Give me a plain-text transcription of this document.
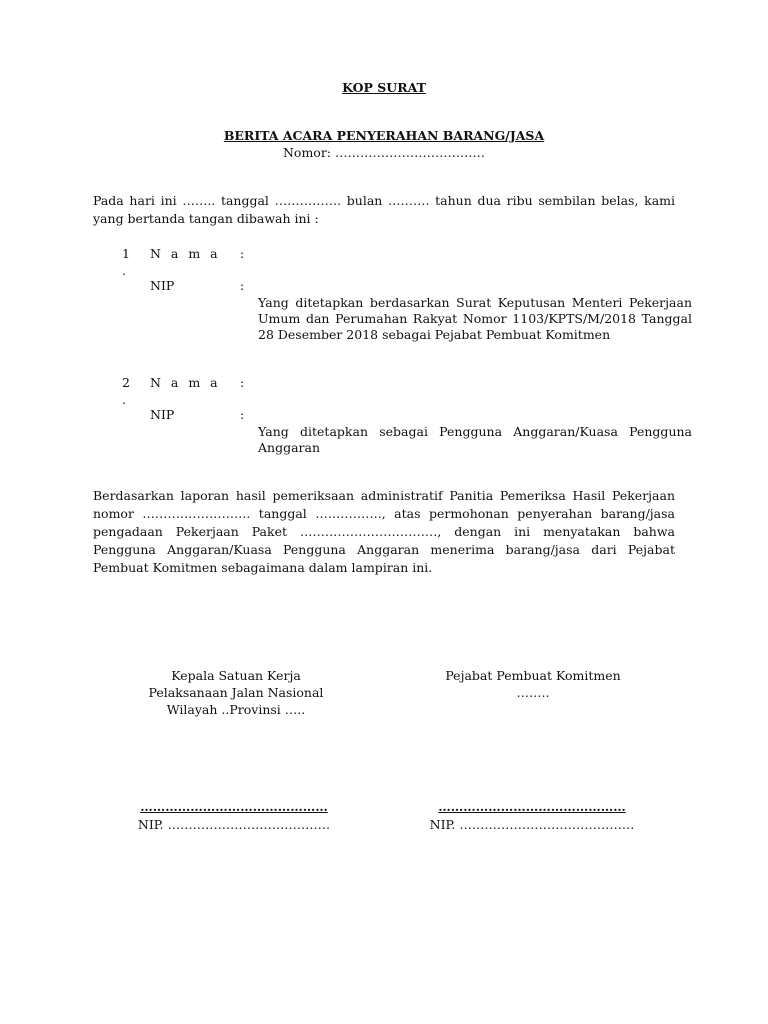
KOP SURAT
BERITA ACARA PENYERAHAN BARANG/JASA
Nomor: ………………………………
Pada hari ini …….. tanggal ……………. bulan ………. tahun dua ribu sembilan belas, kami yang bertanda tangan dibawah ini :
1
.
N a m a :
NIP	:
Yang ditetapkan berdasarkan Surat Keputusan Menteri Pekerjaan Umum dan Perumahan Rakyat Nomor 1103/KPTS/M/2018 Tanggal 28 Desember 2018 sebagai Pejabat Pembuat Komitmen
2
.
N a m a :
NIP	:
Yang ditetapkan sebagai Pengguna Anggaran/Kuasa Pengguna Anggaran
Berdasarkan laporan hasil pemeriksaan administratif Panitia Pemeriksa Hasil Pekerjaan nomor …………………….. tanggal ……………., atas permohonan penyerahan barang/jasa pengadaan Pekerjaan Paket ……………………………, dengan ini menyatakan bahwa Pengguna Anggaran/Kuasa Pengguna Anggaran menerima barang/jasa dari Pejabat Pembuat Komitmen sebagaimana dalam lampiran ini.
Kepala Satuan Kerja
Pelaksanaan Jalan Nasional
Wilayah ..Provinsi …..
Pejabat Pembuat Komitmen
……..
………………………………………
NIP. …………………………………
………………………………………
NIP. ……………………………………
